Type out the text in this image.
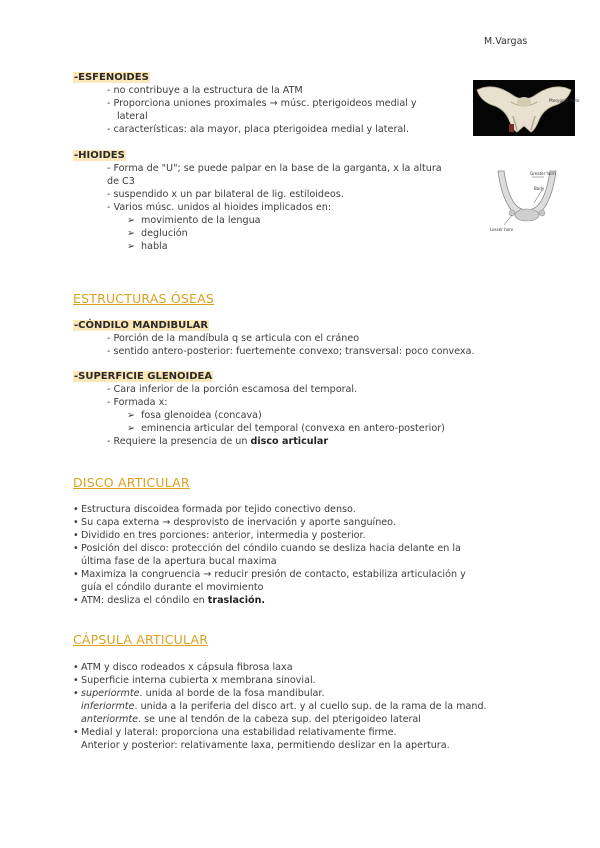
M.Vargas
-ESFENOIDES
- no contribuye a la estructura de la ATM
- Proporciona uniones proximales → músc. pterigoideos medial y
lateral
- características: ala mayor, placa pterigoidea medial y lateral.
Pterygoid Plate
-HIOIDES
- Forma de "U"; se puede palpar en la base de la garganta, x la altura
de C3
- suspendido x un par bilateral de lig. estiloideos.
- Varios músc. unidos al hioides implicados en:
➢ movimiento de la lengua
➢ deglución
➢ habla
Greater horn
Body
Lesser horn
ESTRUCTURAS ÓSEAS
-CÓNDILO MANDIBULAR
- Porción de la mandíbula q se articula con el cráneo
- sentido antero-posterior: fuertemente convexo; transversal: poco convexa.
-SUPERFICIE GLENOIDEA
- Cara inferior de la porción escamosa del temporal.
- Formada x:
➢ fosa glenoidea (concava)
➢ eminencia articular del temporal (convexa en antero-posterior)
- Requiere la presencia de un disco articular
DISCO ARTICULAR
• Estructura discoidea formada por tejido conectivo denso.
• Su capa externa → desprovisto de inervación y aporte sanguíneo.
• Dividido en tres porciones: anterior, intermedia y posterior.
• Posición del disco: protección del cóndilo cuando se desliza hacia delante en la
última fase de la apertura bucal maxima
• Maximiza la congruencia → reducir presión de contacto, estabiliza articulación y
guía el cóndilo durante el movimiento
• ATM: desliza el cóndilo en traslación.
CÁPSULA ARTICULAR
• ATM y disco rodeados x cápsula fibrosa laxa
• Superficie interna cubierta x membrana sinovial.
• superiormte. unida al borde de la fosa mandibular.
inferiormte. unida a la periferia del disco art. y al cuello sup. de la rama de la mand.
anteriormte. se une al tendón de la cabeza sup. del pterigoideo lateral
• Medial y lateral: proporciona una estabilidad relativamente firme.
Anterior y posterior: relativamente laxa, permitiendo deslizar en la apertura.
